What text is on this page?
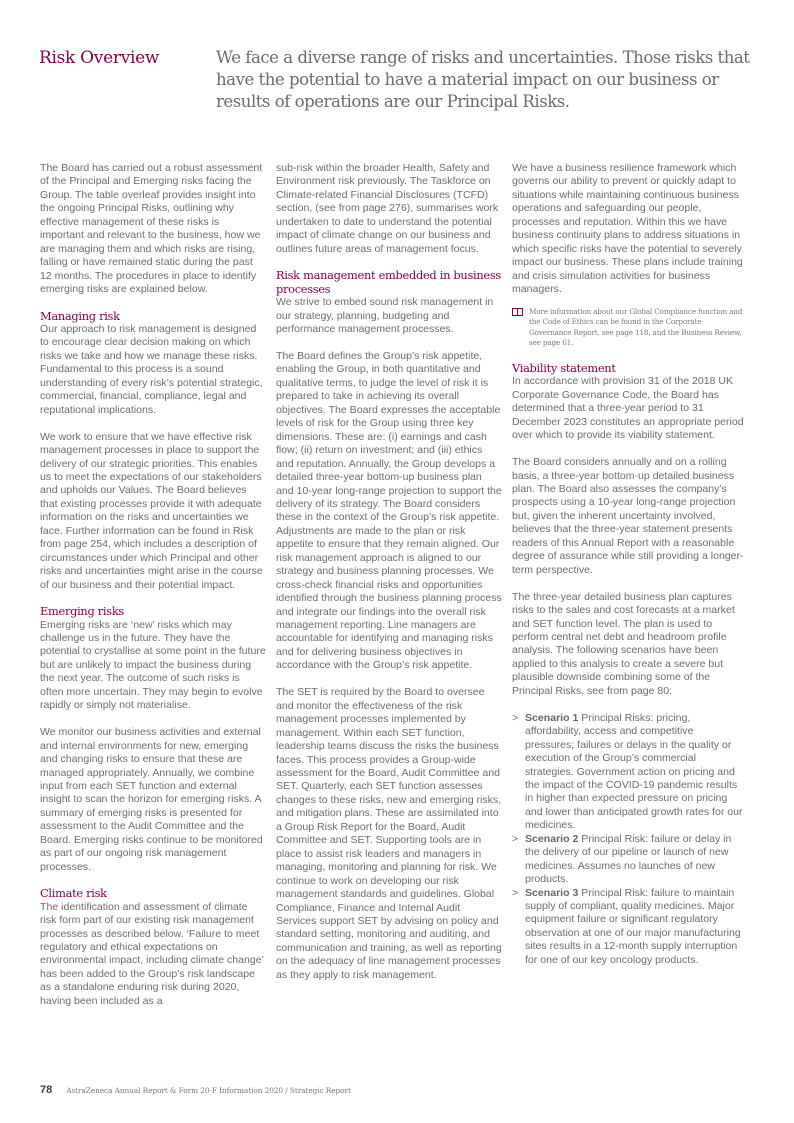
Risk Overview	We face a diverse range of risks and uncertainties. Those risks that have the potential to have a material impact on our business or results of operations are our Principal Risks.

The Board has carried out a robust assessment of the Principal and Emerging risks facing the Group. The table overleaf provides insight into the ongoing Principal Risks, outlining why effective management of these risks is important and relevant to the business, how we are managing them and which risks are rising, falling or have remained static during the past 12 months. The procedures in place to identify emerging risks are explained below.

Managing risk

Our approach to risk management is designed to encourage clear decision making on which risks we take and how we manage these risks. Fundamental to this process is a sound understanding of every risk’s potential strategic, commercial, financial, compliance, legal and reputational implications.

We work to ensure that we have effective risk management processes in place to support the delivery of our strategic priorities. This enables us to meet the expectations of our stakeholders and upholds our Values. The Board believes that existing processes provide it with adequate information on the risks and uncertainties we face. Further information can be found in Risk from page 254, which includes a description of circumstances under which Principal and other risks and uncertainties might arise in the course of our business and their potential impact.

Emerging risks

Emerging risks are ‘new’ risks which may challenge us in the future. They have the potential to crystallise at some point in the future but are unlikely to impact the business during the next year. The outcome of such risks is often more uncertain. They may begin to evolve rapidly or simply not materialise.

We monitor our business activities and external and internal environments for new, emerging and changing risks to ensure that these are managed appropriately. Annually, we combine input from each SET function and external insight to scan the horizon for emerging risks. A summary of emerging risks is presented for assessment to the Audit Committee and the Board. Emerging risks continue to be monitored as part of our ongoing risk management processes.

Climate risk

The identification and assessment of climate risk form part of our existing risk management processes as described below. ‘Failure to meet regulatory and ethical expectations on environmental impact, including climate change’ has been added to the Group’s risk landscape as a standalone enduring risk during 2020, having been included as a

sub-risk within the broader Health, Safety and Environment risk previously. The Taskforce on Climate-related Financial Disclosures (TCFD) section, (see from page 276), summarises work undertaken to date to understand the potential impact of climate change on our business and outlines future areas of management focus.

Risk management embedded in business processes

We strive to embed sound risk management in our strategy, planning, budgeting and performance management processes.

The Board defines the Group’s risk appetite, enabling the Group, in both quantitative and qualitative terms, to judge the level of risk it is prepared to take in achieving its overall objectives. The Board expresses the acceptable levels of risk for the Group using three key dimensions. These are: (i) earnings and cash flow; (ii) return on investment; and (iii) ethics and reputation. Annually, the Group develops a detailed three-year bottom-up business plan and 10-year long-range projection to support the delivery of its strategy. The Board considers these in the context of the Group’s risk appetite. Adjustments are made to the plan or risk appetite to ensure that they remain aligned. Our risk management approach is aligned to our strategy and business planning processes. We cross-check financial risks and opportunities identified through the business planning process and integrate our findings into the overall risk management reporting. Line managers are accountable for identifying and managing risks and for delivering business objectives in accordance with the Group’s risk appetite.

The SET is required by the Board to oversee and monitor the effectiveness of the risk management processes implemented by management. Within each SET function, leadership teams discuss the risks the business faces. This process provides a Group-wide assessment for the Board, Audit Committee and SET. Quarterly, each SET function assesses changes to these risks, new and emerging risks, and mitigation plans. These are assimilated into a Group Risk Report for the Board, Audit Committee and SET. Supporting tools are in place to assist risk leaders and managers in managing, monitoring and planning for risk. We continue to work on developing our risk management standards and guidelines. Global Compliance, Finance and Internal Audit Services support SET by advising on policy and standard setting, monitoring and auditing, and communication and training, as well as reporting on the adequacy of line management processes as they apply to risk management.

We have a business resilience framework which governs our ability to prevent or quickly adapt to situations while maintaining continuous business operations and safeguarding our people, processes and reputation. Within this we have business continuity plans to address situations in which specific risks have the potential to severely impact our business. These plans include training and crisis simulation activities for business managers.

More information about our Global Compliance function and the Code of Ethics can be found in the Corporate Governance Report, see page 118, and the Business Review, see page 61.
Viability statement

In accordance with provision 31 of the 2018 UK Corporate Governance Code, the Board has determined that a three-year period to 31 December 2023 constitutes an appropriate period over which to provide its viability statement.

The Board considers annually and on a rolling basis, a three-year bottom-up detailed business plan. The Board also assesses the company’s prospects using a 10-year long-range projection but, given the inherent uncertainty involved, believes that the three-year statement presents readers of this Annual Report with a reasonable degree of assurance while still providing a longer-term perspective.

The three-year detailed business plan captures risks to the sales and cost forecasts at a market and SET function level. The plan is used to perform central net debt and headroom profile analysis. The following scenarios have been applied to this analysis to create a severe but plausible downside combining some of the Principal Risks, see from page 80:

> Scenario 1 Principal Risks: pricing, affordability, access and competitive pressures; failures or delays in the quality or execution of the Group’s commercial strategies. Government action on pricing and the impact of the COVID-19 pandemic results in higher than expected pressure on pricing and lower than anticipated growth rates for our medicines.
> Scenario 2 Principal Risk: failure or delay in the delivery of our pipeline or launch of new medicines. Assumes no launches of new products.
> Scenario 3 Principal Risk: failure to maintain supply of compliant, quality medicines. Major equipment failure or significant regulatory observation at one of our major manufacturing sites results in a 12-month supply interruption for one of our key oncology products.
78 AstraZeneca Annual Report & Form 20-F Information 2020 / Strategic Report
